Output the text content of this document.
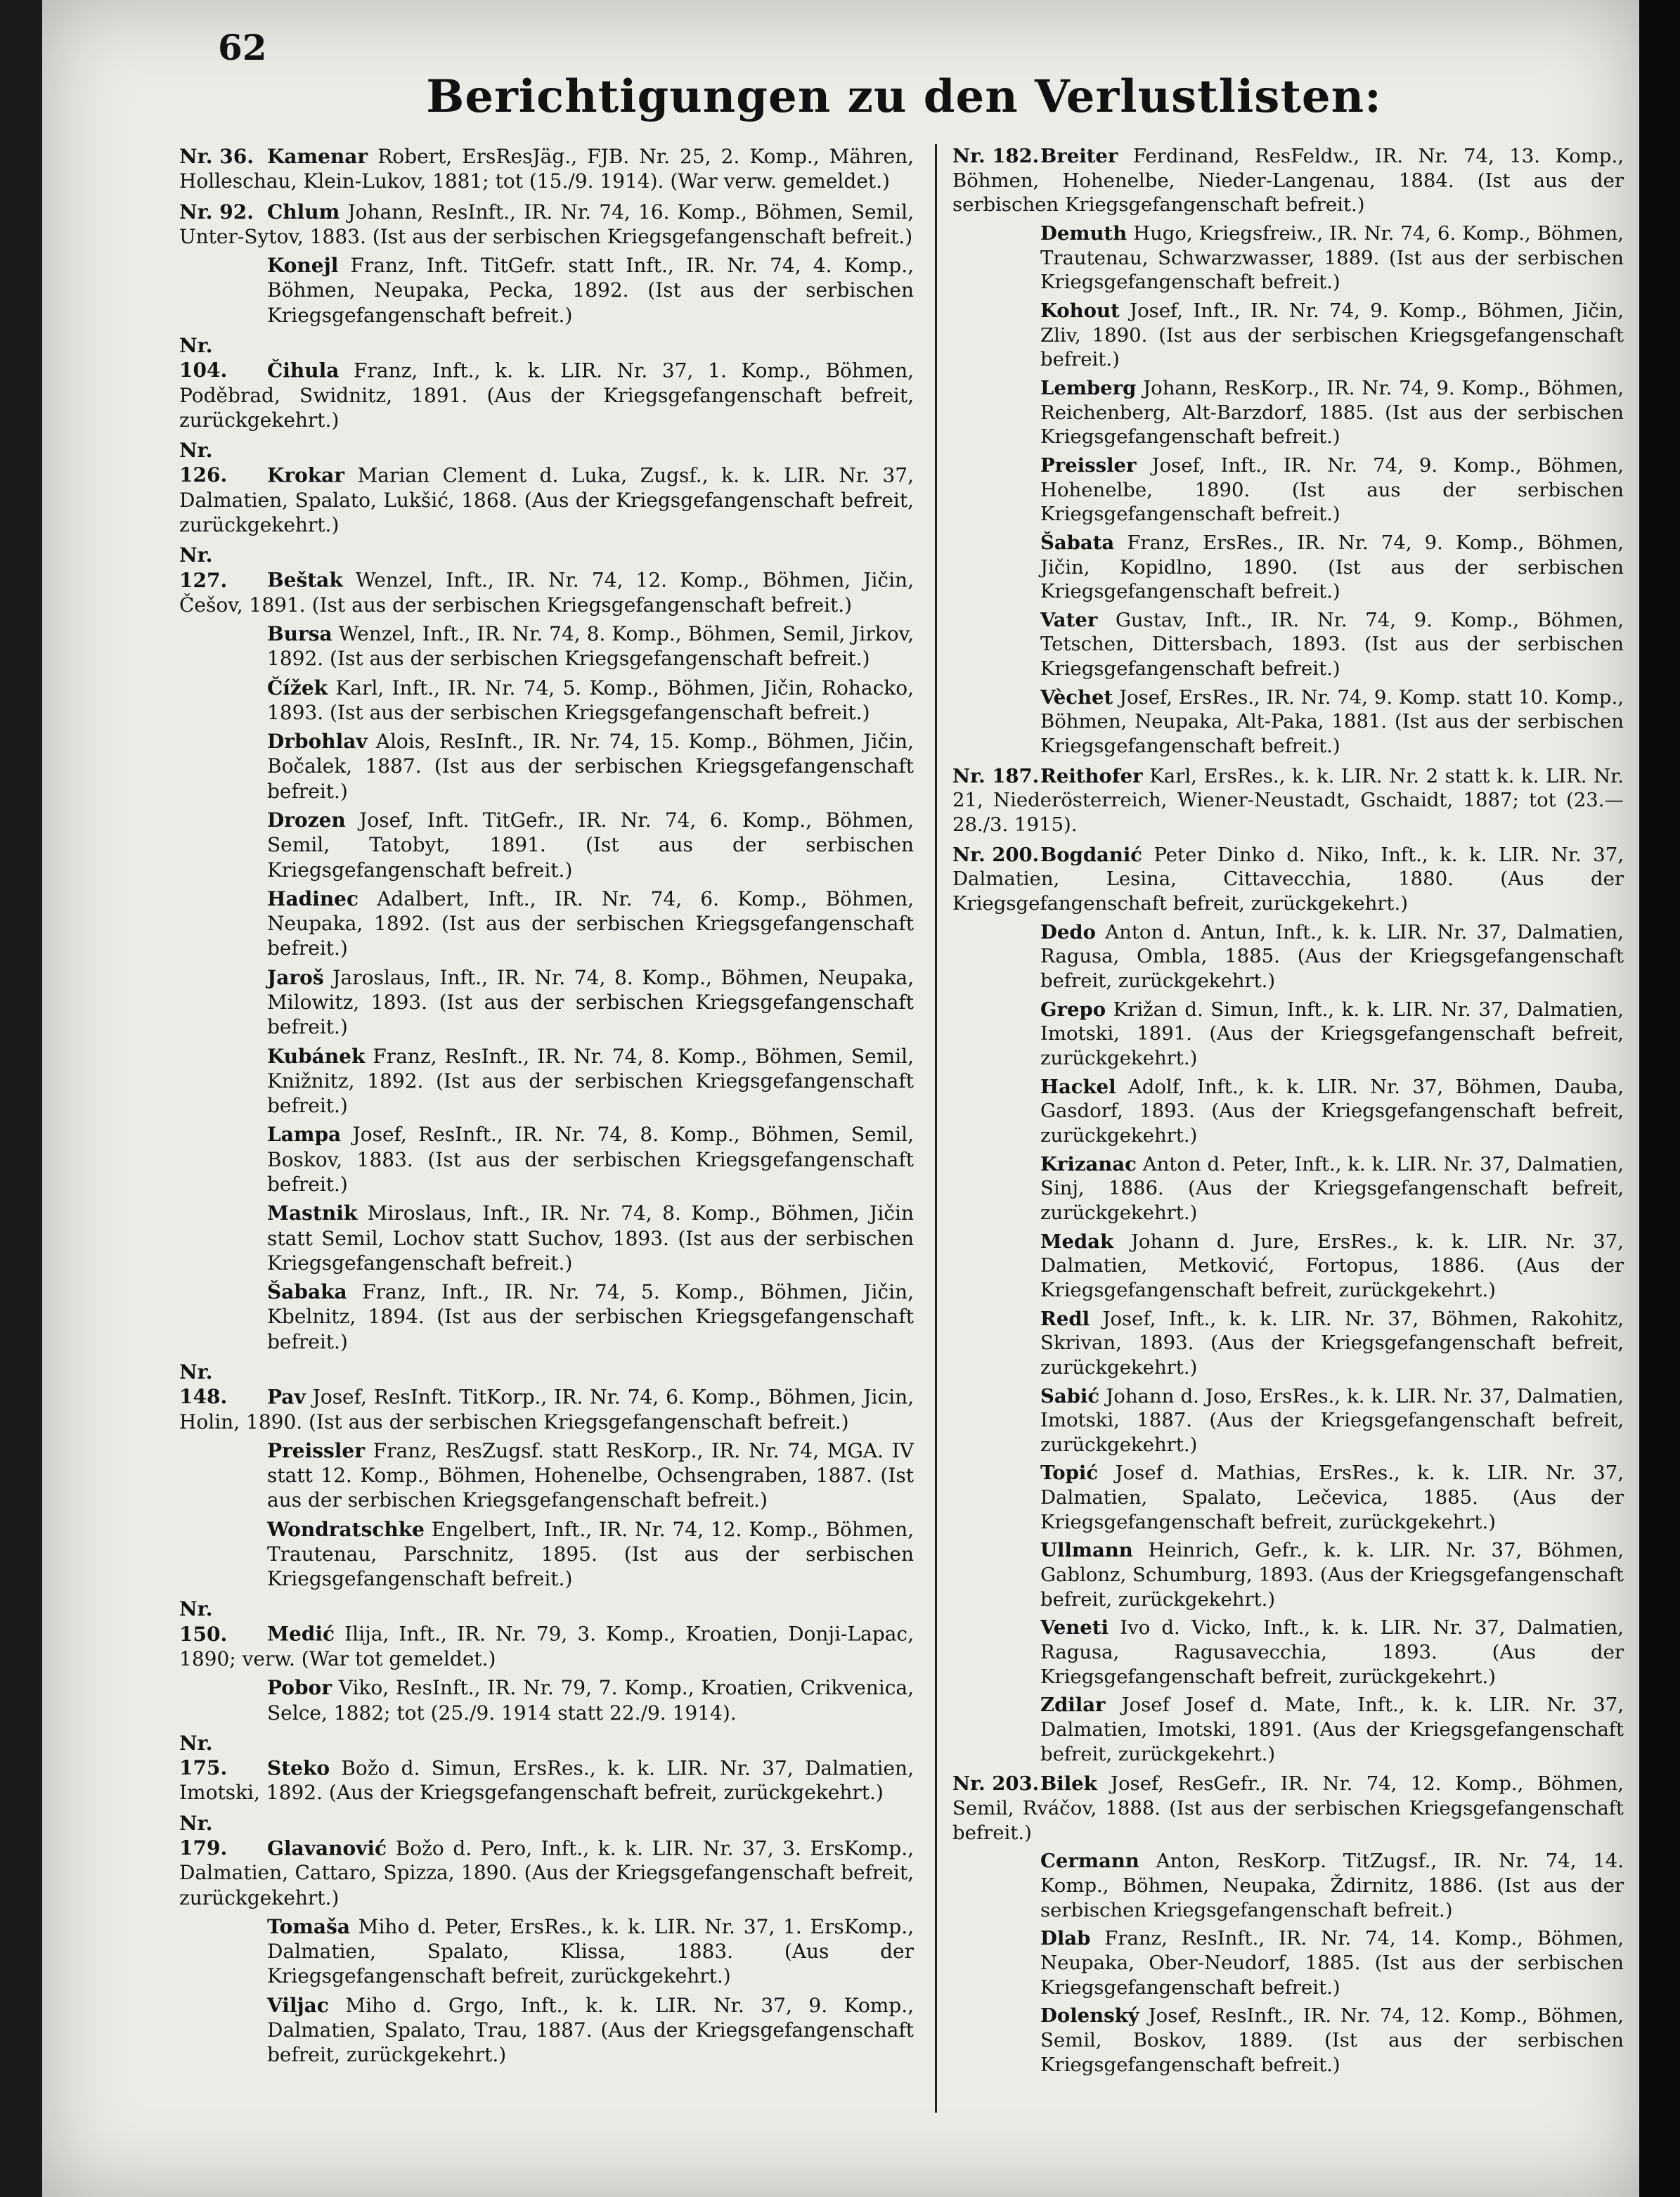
62
Berichtigungen zu den Verlustlisten:
Nr. 36. Kamenar Robert, ErsResJäg., FJB. Nr. 25, 2. Komp., Mähren, Holleschau, Klein-Lukov, 1881; tot (15./9. 1914). (War verw. gemeldet.)
Nr. 92. Chlum Johann, ResInft., IR. Nr. 74, 16. Komp., Böhmen, Semil, Unter-Sytov, 1883. (Ist aus der serbischen Kriegsgefangenschaft befreit.)
Konejl Franz, Inft. TitGefr. statt Inft., IR. Nr. 74, 4. Komp., Böhmen, Neupaka, Pecka, 1892. (Ist aus der serbischen Kriegsgefangenschaft befreit.)
Nr. 104. Čihula Franz, Inft., k. k. LIR. Nr. 37, 1. Komp., Böhmen, Poděbrad, Swidnitz, 1891. (Aus der Kriegsgefangenschaft befreit, zurückgekehrt.)
Nr. 126. Krokar Marian Clement d. Luka, Zugsf., k. k. LIR. Nr. 37, Dalmatien, Spalato, Lukšić, 1868. (Aus der Kriegsgefangenschaft befreit, zurückgekehrt.)
Nr. 127. Beštak Wenzel, Inft., IR. Nr. 74, 12. Komp., Böhmen, Jičin, Češov, 1891. (Ist aus der serbischen Kriegsgefangenschaft befreit.)
Bursa Wenzel, Inft., IR. Nr. 74, 8. Komp., Böhmen, Semil, Jirkov, 1892. (Ist aus der serbischen Kriegsgefangenschaft befreit.)
Čížek Karl, Inft., IR. Nr. 74, 5. Komp., Böhmen, Jičin, Rohacko, 1893. (Ist aus der serbischen Kriegsgefangenschaft befreit.)
Drbohlav Alois, ResInft., IR. Nr. 74, 15. Komp., Böhmen, Jičin, Bočalek, 1887. (Ist aus der serbischen Kriegsgefangenschaft befreit.)
Drozen Josef, Inft. TitGefr., IR. Nr. 74, 6. Komp., Böhmen, Semil, Tatobyt, 1891. (Ist aus der serbischen Kriegsgefangenschaft befreit.)
Hadinec Adalbert, Inft., IR. Nr. 74, 6. Komp., Böhmen, Neupaka, 1892. (Ist aus der serbischen Kriegsgefangenschaft befreit.)
Jaroš Jaroslaus, Inft., IR. Nr. 74, 8. Komp., Böhmen, Neupaka, Milowitz, 1893. (Ist aus der serbischen Kriegsgefangenschaft befreit.)
Kubánek Franz, ResInft., IR. Nr. 74, 8. Komp., Böhmen, Semil, Knižnitz, 1892. (Ist aus der serbischen Kriegsgefangenschaft befreit.)
Lampa Josef, ResInft., IR. Nr. 74, 8. Komp., Böhmen, Semil, Boskov, 1883. (Ist aus der serbischen Kriegsgefangenschaft befreit.)
Mastnik Miroslaus, Inft., IR. Nr. 74, 8. Komp., Böhmen, Jičin statt Semil, Lochov statt Suchov, 1893. (Ist aus der serbischen Kriegsgefangenschaft befreit.)
Šabaka Franz, Inft., IR. Nr. 74, 5. Komp., Böhmen, Jičin, Kbelnitz, 1894. (Ist aus der serbischen Kriegsgefangenschaft befreit.)
Nr. 148. Pav Josef, ResInft. TitKorp., IR. Nr. 74, 6. Komp., Böhmen, Jicin, Holin, 1890. (Ist aus der serbischen Kriegsgefangenschaft befreit.)
Preissler Franz, ResZugsf. statt ResKorp., IR. Nr. 74, MGA. IV statt 12. Komp., Böhmen, Hohenelbe, Ochsengraben, 1887. (Ist aus der serbischen Kriegsgefangenschaft befreit.)
Wondratschke Engelbert, Inft., IR. Nr. 74, 12. Komp., Böhmen, Trautenau, Parschnitz, 1895. (Ist aus der serbischen Kriegsgefangenschaft befreit.)
Nr. 150. Medić Ilija, Inft., IR. Nr. 79, 3. Komp., Kroatien, Donji-Lapac, 1890; verw. (War tot gemeldet.)
Pobor Viko, ResInft., IR. Nr. 79, 7. Komp., Kroatien, Crikvenica, Selce, 1882; tot (25./9. 1914 statt 22./9. 1914).
Nr. 175. Steko Božo d. Simun, ErsRes., k. k. LIR. Nr. 37, Dalmatien, Imotski, 1892. (Aus der Kriegsgefangenschaft befreit, zurückgekehrt.)
Nr. 179. Glavanović Božo d. Pero, Inft., k. k. LIR. Nr. 37, 3. ErsKomp., Dalmatien, Cattaro, Spizza, 1890. (Aus der Kriegsgefangenschaft befreit, zurückgekehrt.)
Tomaša Miho d. Peter, ErsRes., k. k. LIR. Nr. 37, 1. ErsKomp., Dalmatien, Spalato, Klissa, 1883. (Aus der Kriegsgefangenschaft befreit, zurückgekehrt.)
Viljac Miho d. Grgo, Inft., k. k. LIR. Nr. 37, 9. Komp., Dalmatien, Spalato, Trau, 1887. (Aus der Kriegsgefangenschaft befreit, zurückgekehrt.)
Nr. 182.Breiter Ferdinand, ResFeldw., IR. Nr. 74, 13. Komp., Böhmen, Hohenelbe, Nieder-Langenau, 1884. (Ist aus der serbischen Kriegsgefangenschaft befreit.)
Demuth Hugo, Kriegsfreiw., IR. Nr. 74, 6. Komp., Böhmen, Trautenau, Schwarzwasser, 1889. (Ist aus der serbischen Kriegsgefangenschaft befreit.)
Kohout Josef, Inft., IR. Nr. 74, 9. Komp., Böhmen, Jičin, Zliv, 1890. (Ist aus der serbischen Kriegsgefangenschaft befreit.)
Lemberg Johann, ResKorp., IR. Nr. 74, 9. Komp., Böhmen, Reichenberg, Alt-Barzdorf, 1885. (Ist aus der serbischen Kriegsgefangenschaft befreit.)
Preissler Josef, Inft., IR. Nr. 74, 9. Komp., Böhmen, Hohenelbe, 1890. (Ist aus der serbischen Kriegsgefangenschaft befreit.)
Šabata Franz, ErsRes., IR. Nr. 74, 9. Komp., Böhmen, Jičin, Kopidlno, 1890. (Ist aus der serbischen Kriegsgefangenschaft befreit.)
Vater Gustav, Inft., IR. Nr. 74, 9. Komp., Böhmen, Tetschen, Dittersbach, 1893. (Ist aus der serbischen Kriegsgefangenschaft befreit.)
Vèchet Josef, ErsRes., IR. Nr. 74, 9. Komp. statt 10. Komp., Böhmen, Neupaka, Alt-Paka, 1881. (Ist aus der serbischen Kriegsgefangenschaft befreit.)
Nr. 187.Reithofer Karl, ErsRes., k. k. LIR. Nr. 2 statt k. k. LIR. Nr. 21, Niederösterreich, Wiener-Neustadt, Gschaidt, 1887; tot (23.—28./3. 1915).
Nr. 200.Bogdanić Peter Dinko d. Niko, Inft., k. k. LIR. Nr. 37, Dalmatien, Lesina, Cittavecchia, 1880. (Aus der Kriegsgefangenschaft befreit, zurückgekehrt.)
Dedo Anton d. Antun, Inft., k. k. LIR. Nr. 37, Dalmatien, Ragusa, Ombla, 1885. (Aus der Kriegsgefangenschaft befreit, zurückgekehrt.)
Grepo Križan d. Simun, Inft., k. k. LIR. Nr. 37, Dalmatien, Imotski, 1891. (Aus der Kriegsgefangenschaft befreit, zurückgekehrt.)
Hackel Adolf, Inft., k. k. LIR. Nr. 37, Böhmen, Dauba, Gasdorf, 1893. (Aus der Kriegsgefangenschaft befreit, zurückgekehrt.)
Krizanac Anton d. Peter, Inft., k. k. LIR. Nr. 37, Dalmatien, Sinj, 1886. (Aus der Kriegsgefangenschaft befreit, zurückgekehrt.)
Medak Johann d. Jure, ErsRes., k. k. LIR. Nr. 37, Dalmatien, Metković, Fortopus, 1886. (Aus der Kriegsgefangenschaft befreit, zurückgekehrt.)
Redl Josef, Inft., k. k. LIR. Nr. 37, Böhmen, Rakohitz, Skrivan, 1893. (Aus der Kriegsgefangenschaft befreit, zurückgekehrt.)
Sabić Johann d. Joso, ErsRes., k. k. LIR. Nr. 37, Dalmatien, Imotski, 1887. (Aus der Kriegsgefangenschaft befreit, zurückgekehrt.)
Topić Josef d. Mathias, ErsRes., k. k. LIR. Nr. 37, Dalmatien, Spalato, Lečevica, 1885. (Aus der Kriegsgefangenschaft befreit, zurückgekehrt.)
Ullmann Heinrich, Gefr., k. k. LIR. Nr. 37, Böhmen, Gablonz, Schumburg, 1893. (Aus der Kriegsgefangenschaft befreit, zurückgekehrt.)
Veneti Ivo d. Vicko, Inft., k. k. LIR. Nr. 37, Dalmatien, Ragusa, Ragusavecchia, 1893. (Aus der Kriegsgefangenschaft befreit, zurückgekehrt.)
Zdilar Josef Josef d. Mate, Inft., k. k. LIR. Nr. 37, Dalmatien, Imotski, 1891. (Aus der Kriegsgefangenschaft befreit, zurückgekehrt.)
Nr. 203.Bilek Josef, ResGefr., IR. Nr. 74, 12. Komp., Böhmen, Semil, Rváčov, 1888. (Ist aus der serbischen Kriegsgefangenschaft befreit.)
Cermann Anton, ResKorp. TitZugsf., IR. Nr. 74, 14. Komp., Böhmen, Neupaka, Ždirnitz, 1886. (Ist aus der serbischen Kriegsgefangenschaft befreit.)
Dlab Franz, ResInft., IR. Nr. 74, 14. Komp., Böhmen, Neupaka, Ober-Neudorf, 1885. (Ist aus der serbischen Kriegsgefangenschaft befreit.)
Dolenský Josef, ResInft., IR. Nr. 74, 12. Komp., Böhmen, Semil, Boskov, 1889. (Ist aus der serbischen Kriegsgefangenschaft befreit.)
